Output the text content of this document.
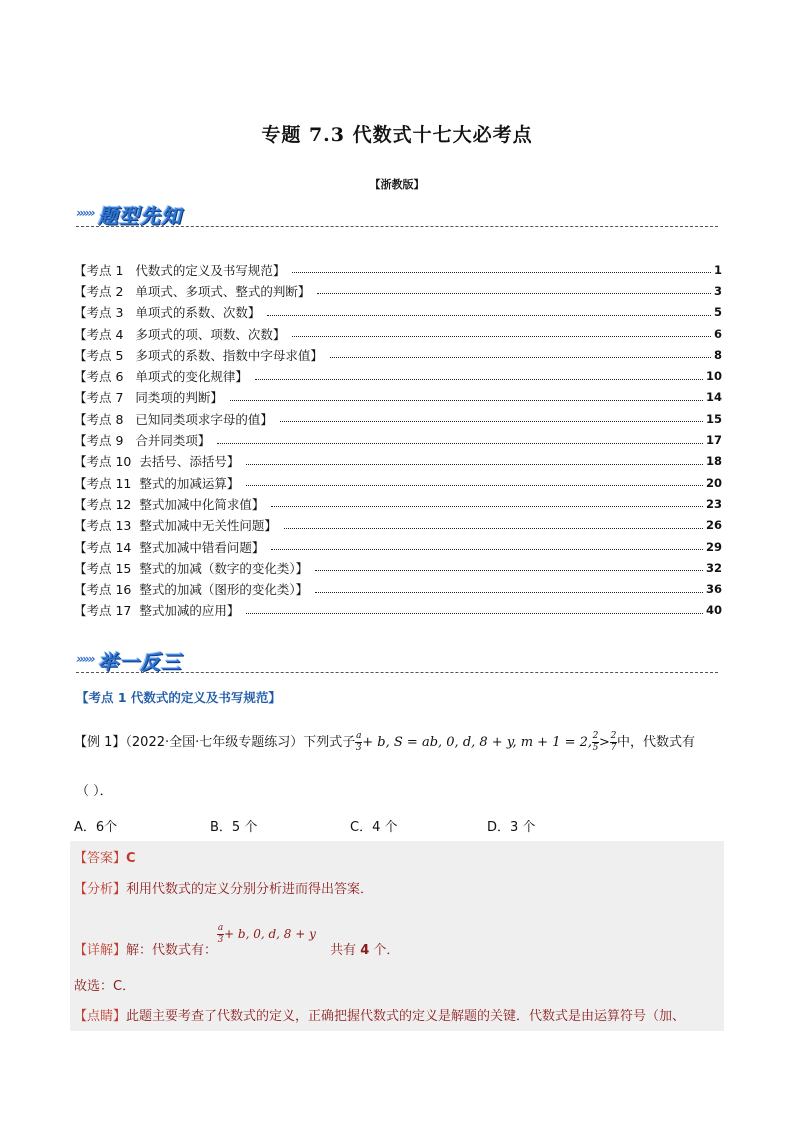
专题 7.3 代数式十七大必考点
【浙教版】
»»» 题型先知
【考点 1   代数式的定义及书写规范】	1
【考点 2   单项式、多项式、整式的判断】	3
【考点 3   单项式的系数、次数】	5
【考点 4   多项式的项、项数、次数】	6
【考点 5   多项式的系数、指数中字母求值】	8
【考点 6   单项式的变化规律】	10
【考点 7   同类项的判断】	14
【考点 8   已知同类项求字母的值】	15
【考点 9   合并同类项】	17
【考点 10  去括号、添括号】	18
【考点 11  整式的加减运算】	20
【考点 12  整式加减中化简求值】	23
【考点 13  整式加减中无关性问题】	26
【考点 14  整式加减中错看问题】	29
【考点 15  整式的加减（数字的变化类）】	32
【考点 16  整式的加减（图形的变化类）】	36
【考点 17  整式加减的应用】	40
»»» 举一反三
【考点 1 代数式的定义及书写规范】
【例 1】（2022·全国·七年级专题练习）下列式子 $\frac{a}{3} + b$, S = ab, 0, d, 8 + y, m + 1 = 2, $\frac{2}{5} > \frac{2}{7}$ 中，代数式有
（ ）．
A．6个	B．5 个	C．4 个	D．3 个
【答案】C
【分析】利用代数式的定义分别分析进而得出答案．
【详解】解：代数式有：
$\frac{a}{3} + b$, 0, d, 8 + y 共有 4 个．
故选：C．
【点睛】此题主要考查了代数式的定义，正确把握代数式的定义是解题的关键．代数式是由运算符号（加、
